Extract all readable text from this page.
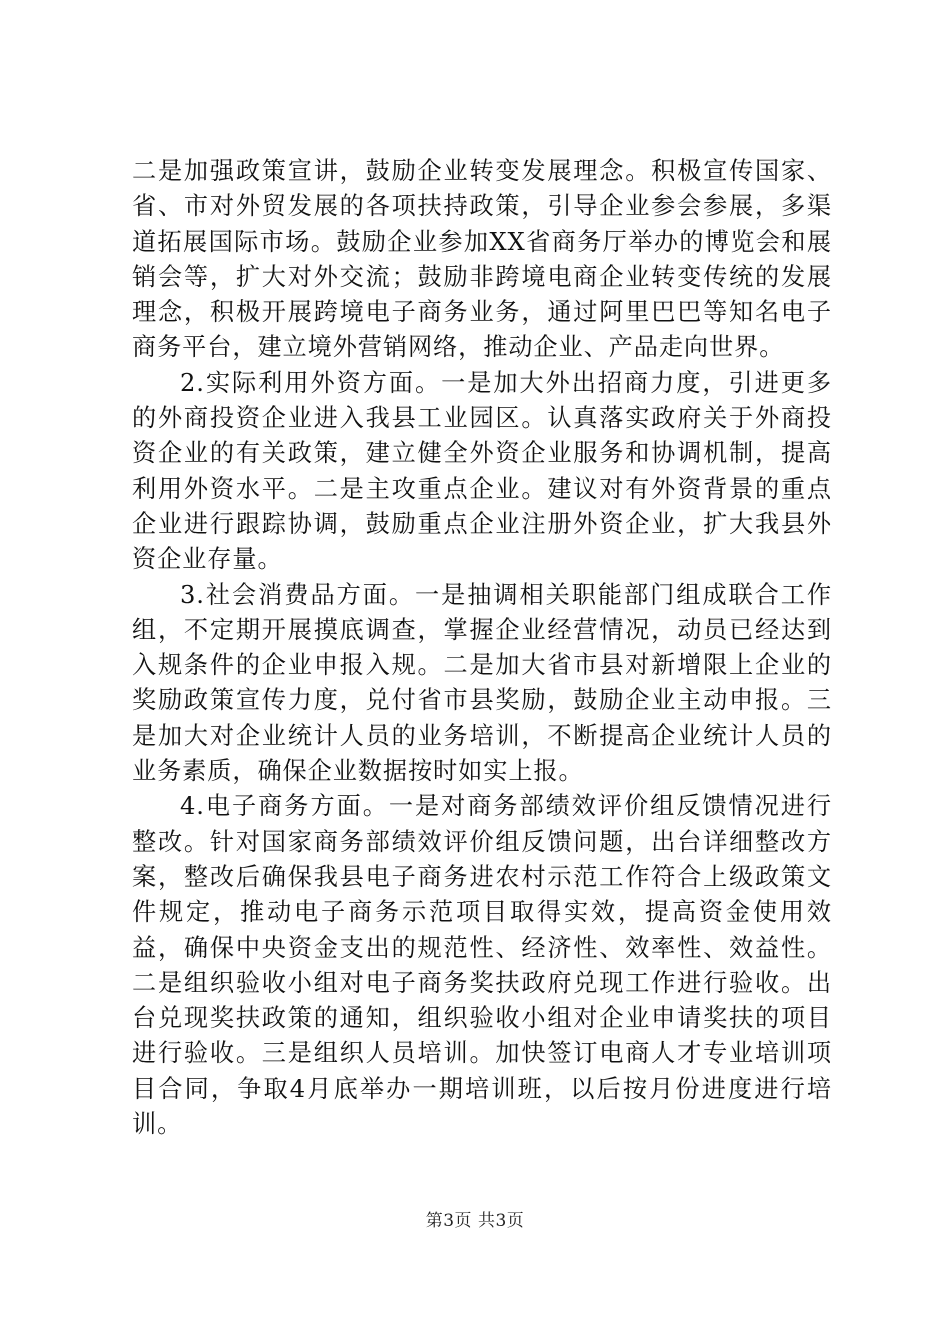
二是加强政策宣讲，鼓励企业转变发展理念。积极宣传国家、省、市对外贸发展的各项扶持政策，引导企业参会参展，多渠道拓展国际市场。鼓励企业参加XX省商务厅举办的博览会和展销会等，扩大对外交流；鼓励非跨境电商企业转变传统的发展理念，积极开展跨境电子商务业务，通过阿里巴巴等知名电子商务平台，建立境外营销网络，推动企业、产品走向世界。

2.实际利用外资方面。一是加大外出招商力度，引进更多的外商投资企业进入我县工业园区。认真落实政府关于外商投资企业的有关政策，建立健全外资企业服务和协调机制，提高利用外资水平。二是主攻重点企业。建议对有外资背景的重点企业进行跟踪协调，鼓励重点企业注册外资企业，扩大我县外资企业存量。

3.社会消费品方面。一是抽调相关职能部门组成联合工作组，不定期开展摸底调查，掌握企业经营情况，动员已经达到入规条件的企业申报入规。二是加大省市县对新增限上企业的奖励政策宣传力度，兑付省市县奖励，鼓励企业主动申报。三是加大对企业统计人员的业务培训，不断提高企业统计人员的业务素质，确保企业数据按时如实上报。

4.电子商务方面。一是对商务部绩效评价组反馈情况进行整改。针对国家商务部绩效评价组反馈问题，出台详细整改方案，整改后确保我县电子商务进农村示范工作符合上级政策文件规定，推动电子商务示范项目取得实效，提高资金使用效益，确保中央资金支出的规范性、经济性、效率性、效益性。二是组织验收小组对电子商务奖扶政府兑现工作进行验收。出台兑现奖扶政策的通知，组织验收小组对企业申请奖扶的项目进行验收。三是组织人员培训。加快签订电商人才专业培训项目合同，争取4月底举办一期培训班，以后按月份进度进行培训。

第3页 共3页
